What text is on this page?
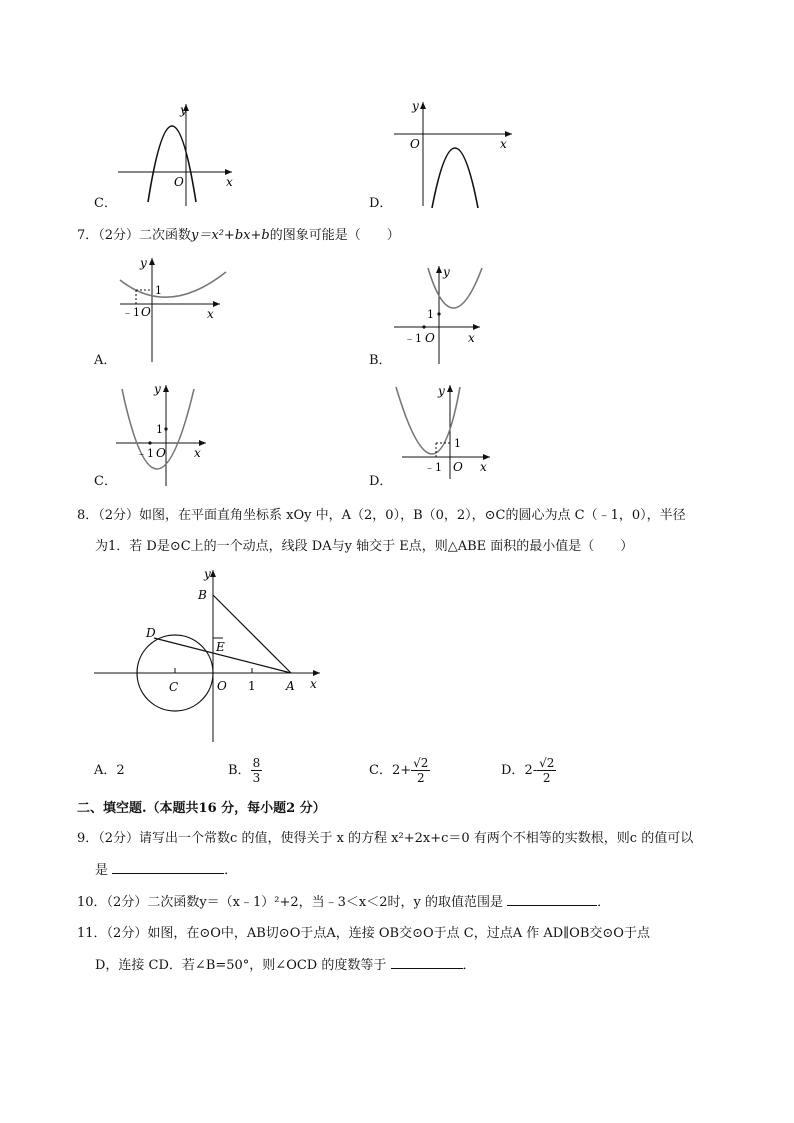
y
x
O
C．
y
x
O
D．
7．（2分）二次函数y＝x²+bx+b的图象可能是（　　）
y
x
1
﹣1 O
A．
y
x
1
﹣1 O
B．
y
x
1
﹣1 O
C．
y
x
1
﹣1 O
D．
8．（2分）如图，在平面直角坐标系 xOy 中，A（2，0），B（0，2），⊙C的圆心为点 C（﹣1，0），半径
为1．若 D是⊙C上的一个动点，线段 DA与y 轴交于 E点，则△ABE 面积的最小值是（　　）
y
x
B
D
E
C	O 1	A
A．2	B． $\frac{8}{3}$	C．$2+ \frac{√2}{2}$	D．$2- \frac{√2}{2}$
二、填空题.（本题共16 分，每小题2 分）
9．（2分）请写出一个常数c 的值，使得关于 x 的方程 x²+2x+c＝0 有两个不相等的实数根，则c 的值可以
是	．
10．（2分）二次函数y＝（x﹣1）²+2，当﹣3＜x＜2时，y 的取值范围是	．
11．（2分）如图，在⊙O中，AB切⊙O于点A，连接 OB交⊙O于点 C，过点A 作 AD∥OB交⊙O于点
D，连接 CD．若∠B=50°，则∠OCD 的度数等于	．
